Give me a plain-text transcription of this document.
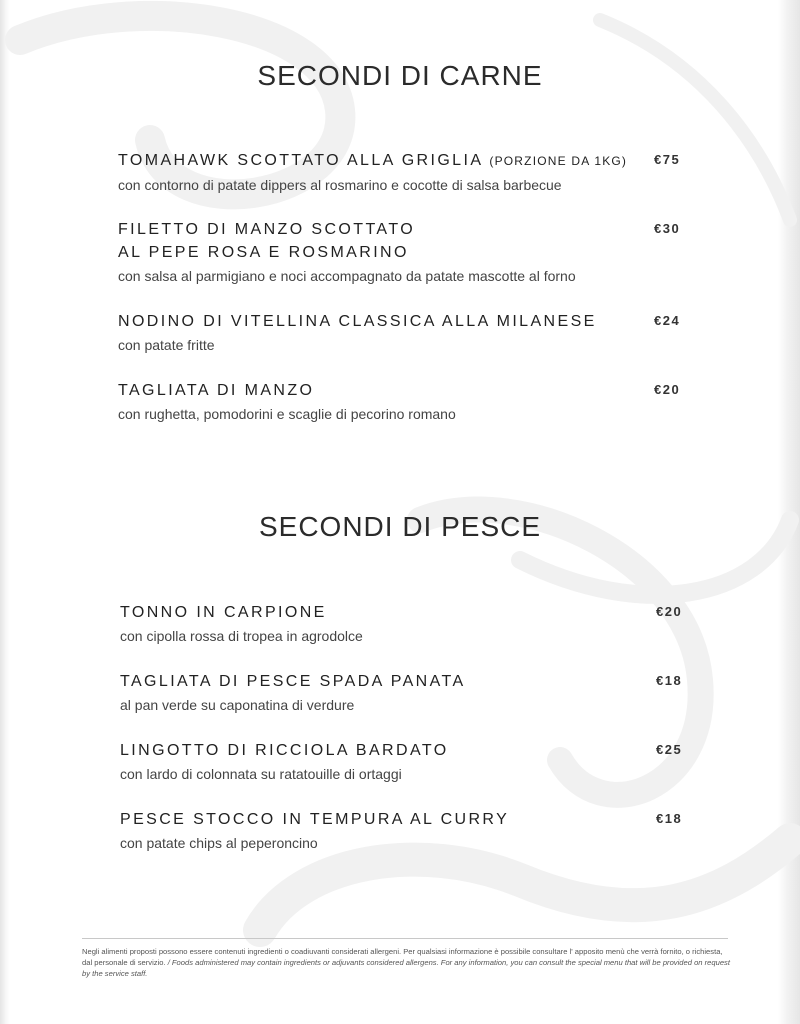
SECONDI DI CARNE
TOMAHAWK SCOTTATO ALLA GRIGLIA (PORZIONE DA 1KG)
con contorno di patate dippers al rosmarino e cocotte di salsa barbecue
€75
FILETTO DI MANZO SCOTTATO
AL PEPE ROSA E ROSMARINO
con salsa al parmigiano e noci accompagnato da patate mascotte al forno
€30
NODINO DI VITELLINA CLASSICA ALLA MILANESE
con patate fritte
€24
TAGLIATA DI MANZO
con rughetta, pomodorini e scaglie di pecorino romano
€20
SECONDI DI PESCE
TONNO IN CARPIONE
con cipolla rossa di tropea in agrodolce
€20
TAGLIATA DI PESCE SPADA PANATA
al pan verde su caponatina di verdure
€18
LINGOTTO DI RICCIOLA BARDATO
con lardo di colonnata su ratatouille di ortaggi
€25
PESCE STOCCO IN TEMPURA AL CURRY
con patate chips al peperoncino
€18
Negli alimenti proposti possono essere contenuti ingredienti o coadiuvanti considerati allergeni. Per qualsiasi informazione è possibile consultare l' apposito menù che verrà fornito, o richiesta, dal personale di servizio. / Foods administered may contain ingredients or adjuvants considered allergens. For any information, you can consult the special menu that will be provided on request by the service staff.
